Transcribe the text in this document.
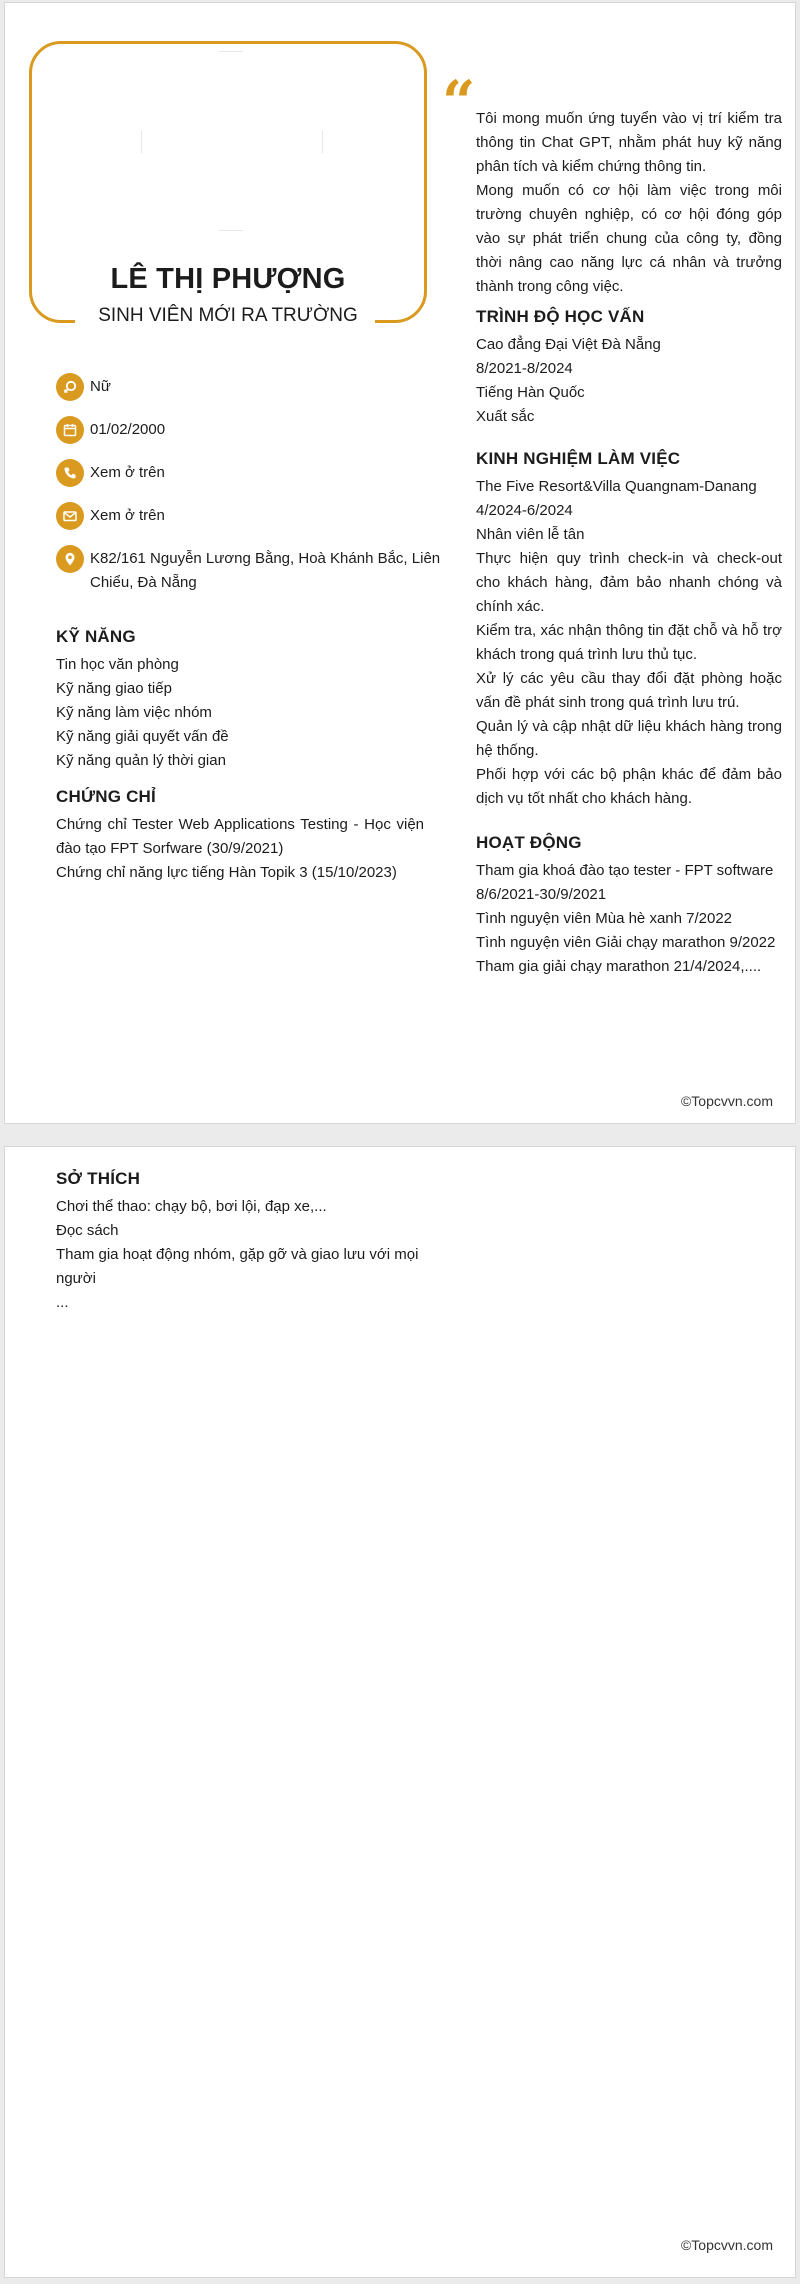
LÊ THỊ PHƯỢNG
SINH VIÊN MỚI RA TRƯỜNG
Nữ
01/02/2000
Xem ở trên
Xem ở trên
K82/161 Nguyễn Lương Bằng, Hoà Khánh Bắc, Liên Chiểu, Đà Nẵng
KỸ NĂNG
Tin học văn phòng
Kỹ năng giao tiếp
Kỹ năng làm việc nhóm
Kỹ năng giải quyết vấn đề
Kỹ năng quản lý thời gian
CHỨNG CHỈ
Chứng chỉ Tester Web Applications Testing - Học viện đào tạo FPT Sorfware (30/9/2021)
Chứng chỉ năng lực tiếng Hàn Topik 3 (15/10/2023)
“ Tôi mong muốn ứng tuyển vào vị trí kiểm tra thông tin Chat GPT, nhằm phát huy kỹ năng phân tích và kiểm chứng thông tin.
Mong muốn có cơ hội làm việc trong môi trường chuyên nghiệp, có cơ hội đóng góp vào sự phát triển chung của công ty, đồng thời nâng cao năng lực cá nhân và trưởng thành trong công việc.
TRÌNH ĐỘ HỌC VẤN
Cao đẳng Đại Việt Đà Nẵng
8/2021-8/2024
Tiếng Hàn Quốc
Xuất sắc
KINH NGHIỆM LÀM VIỆC
The Five Resort&Villa Quangnam-Danang
4/2024-6/2024
Nhân viên lễ tân
Thực hiện quy trình check-in và check-out cho khách hàng, đảm bảo nhanh chóng và chính xác.
Kiểm tra, xác nhận thông tin đặt chỗ và hỗ trợ khách trong quá trình lưu thủ tục.
Xử lý các yêu cầu thay đổi đặt phòng hoặc vấn đề phát sinh trong quá trình lưu trú.
Quản lý và cập nhật dữ liệu khách hàng trong hệ thống.
Phối hợp với các bộ phận khác để đảm bảo dịch vụ tốt nhất cho khách hàng.
HOẠT ĐỘNG
Tham gia khoá đào tạo tester - FPT software 8/6/2021-30/9/2021
Tình nguyện viên Mùa hè xanh 7/2022
Tình nguyện viên Giải chạy marathon 9/2022
Tham gia giải chạy marathon 21/4/2024,....
©Topcvvn.com
SỞ THÍCH
Chơi thể thao: chạy bộ, bơi lội, đạp xe,...
Đọc sách
Tham gia hoạt động nhóm, gặp gỡ và giao lưu với mọi người
...
©Topcvvn.com
